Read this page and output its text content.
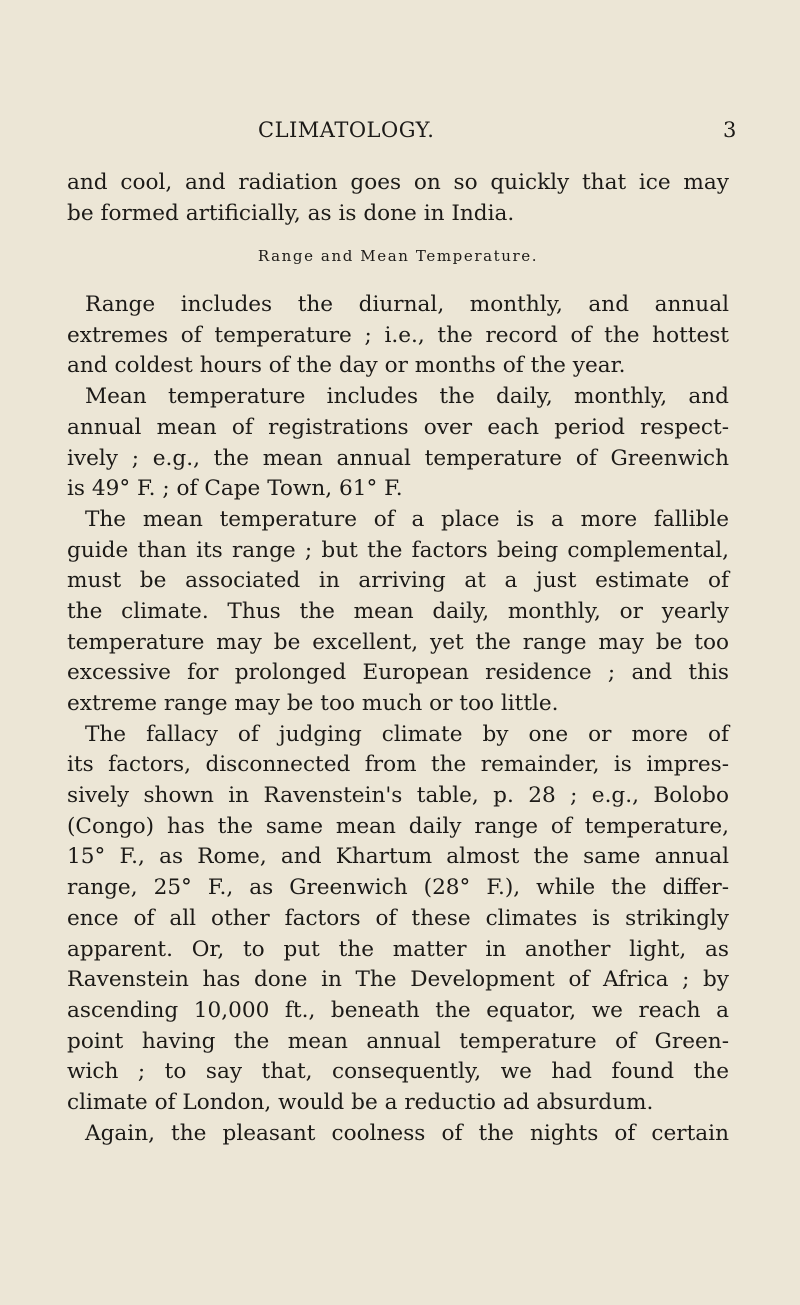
CLIMATOLOGY.	3
and cool, and radiation goes on so quickly that ice may
be formed artificially, as is done in India.
Range and Mean Temperature.
Range includes the diurnal, monthly, and annual
extremes of temperature ; i.e., the record of the hottest
and coldest hours of the day or months of the year.
Mean temperature includes the daily, monthly, and
annual mean of registrations over each period respect-
ively ; e.g., the mean annual temperature of Greenwich
is 49° F. ; of Cape Town, 61° F.
The mean temperature of a place is a more fallible
guide than its range ; but the factors being complemental,
must be associated in arriving at a just estimate of
the climate. Thus the mean daily, monthly, or yearly
temperature may be excellent, yet the range may be too
excessive for prolonged European residence ; and this
extreme range may be too much or too little.
The fallacy of judging climate by one or more of
its factors, disconnected from the remainder, is impres-
sively shown in Ravenstein's table, p. 28 ; e.g., Bolobo
(Congo) has the same mean daily range of temperature,
15° F., as Rome, and Khartum almost the same annual
range, 25° F., as Greenwich (28° F.), while the differ-
ence of all other factors of these climates is strikingly
apparent. Or, to put the matter in another light, as
Ravenstein has done in The Development of Africa ; by
ascending 10,000 ft., beneath the equator, we reach a
point having the mean annual temperature of Green-
wich ; to say that, consequently, we had found the
climate of London, would be a reductio ad absurdum.
Again, the pleasant coolness of the nights of certain
